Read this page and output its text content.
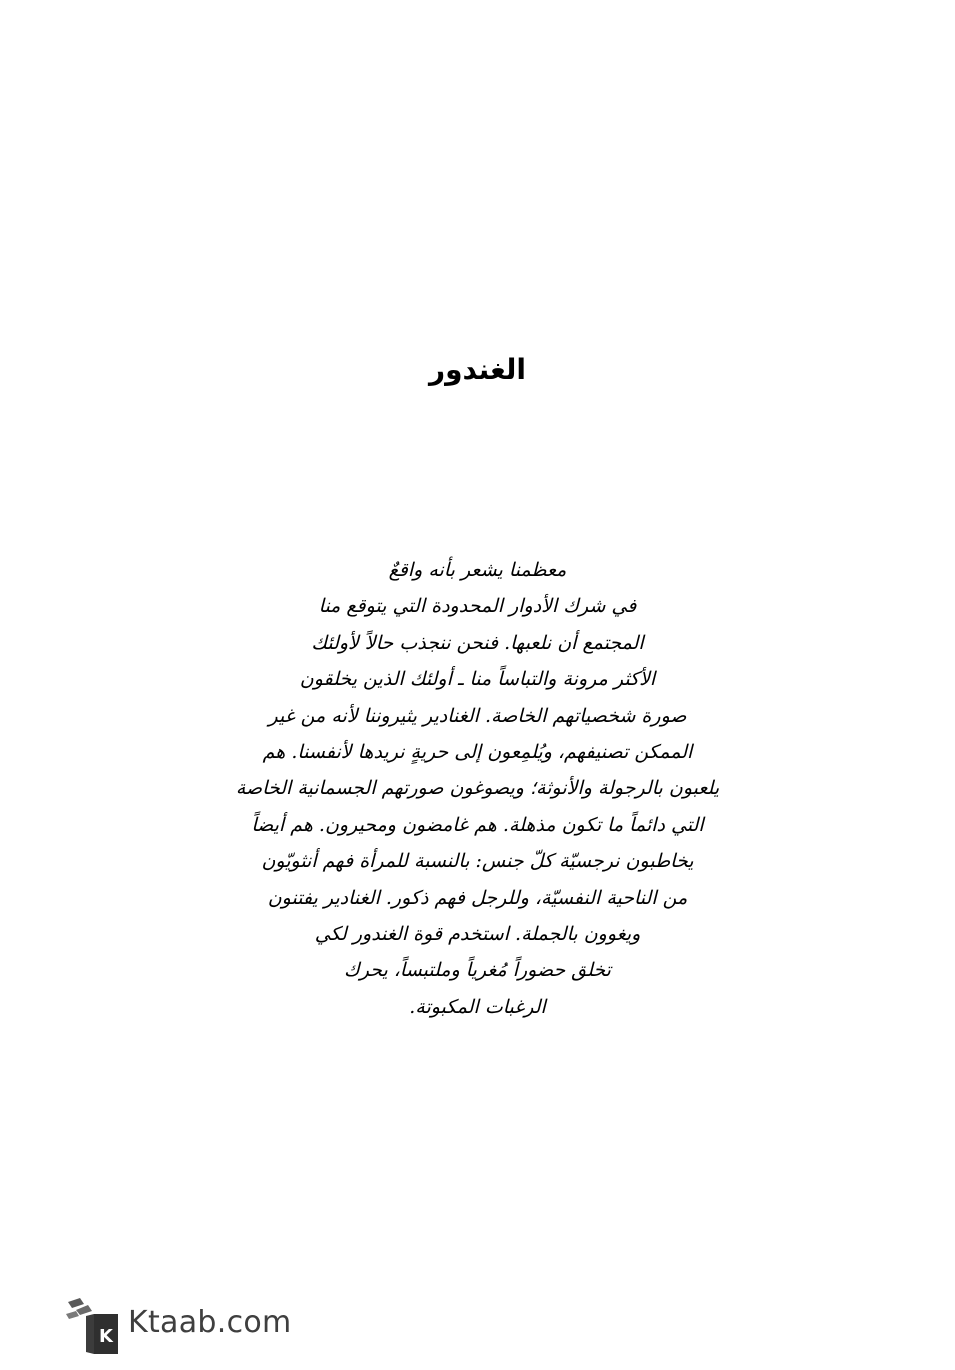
الغندور
معظمنا يشعر بأنه واقعٌ
في شرك الأدوار المحدودة التي يتوقع منا
المجتمع أن نلعبها. فنحن ننجذب حالاً لأولئك
الأكثر مرونة والتباساً منا ـ أولئك الذين يخلقون
صورة شخصياتهم الخاصة. الغنادير يثيروننا لأنه من غير
الممكن تصنيفهم، ويُلمِعون إلى حريةٍ نريدها لأنفسنا. هم
يلعبون بالرجولة والأنوثة؛ ويصوغون صورتهم الجسمانية الخاصة
التي دائماً ما تكون مذهلة. هم غامضون ومحيرون. هم أيضاً
يخاطبون نرجسيّة كلّ جنس: بالنسبة للمرأة فهم أنثويّون
من الناحية النفسيّة، وللرجل فهم ذكور. الغنادير يفتنون
ويغوون بالجملة. استخدم قوة الغندور لكي
تخلق حضوراً مُغرياً وملتبساً، يحرك
الرغبات المكبوتة.
K Ktaab.com
